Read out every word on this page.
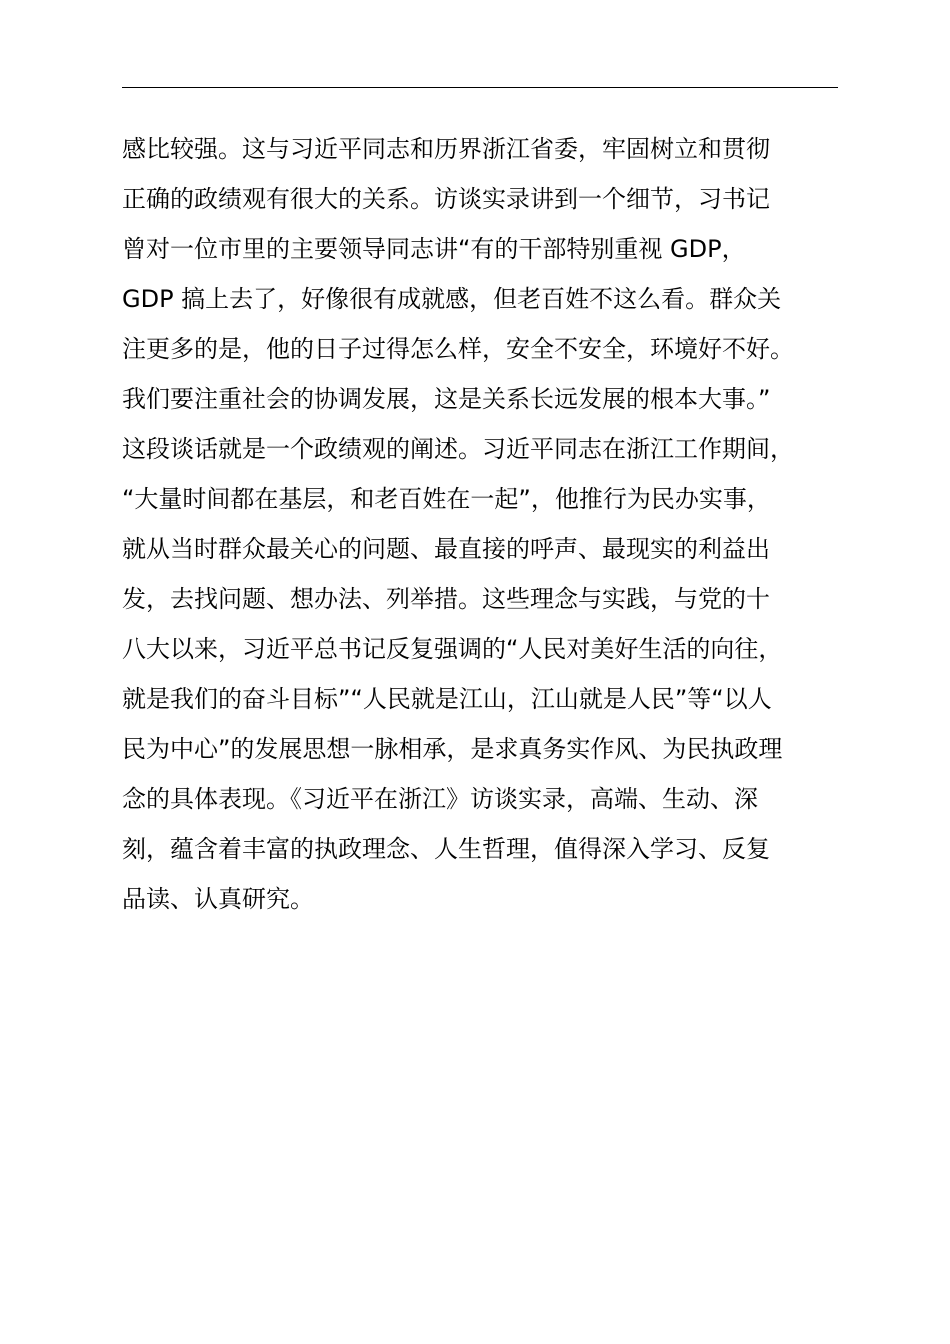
感比较强。这与习近平同志和历界浙江省委，牢固树立和贯彻
正确的政绩观有很大的关系。访谈实录讲到一个细节，习书记
曾对一位市里的主要领导同志讲“有的干部特别重视 GDP，
GDP 搞上去了，好像很有成就感，但老百姓不这么看。群众关
注更多的是，他的日子过得怎么样，安全不安全，环境好不好。
我们要注重社会的协调发展，这是关系长远发展的根本大事。”
这段谈话就是一个政绩观的阐述。习近平同志在浙江工作期间，
“大量时间都在基层，和老百姓在一起”，他推行为民办实事，
就从当时群众最关心的问题、最直接的呼声、最现实的利益出
发，去找问题、想办法、列举措。这些理念与实践，与党的十
八大以来，习近平总书记反复强调的“人民对美好生活的向往，
就是我们的奋斗目标”“人民就是江山，江山就是人民”等“以人
民为中心”的发展思想一脉相承，是求真务实作风、为民执政理
念的具体表现。《习近平在浙江》访谈实录，高端、生动、深
刻，蕴含着丰富的执政理念、人生哲理，值得深入学习、反复
品读、认真研究。
